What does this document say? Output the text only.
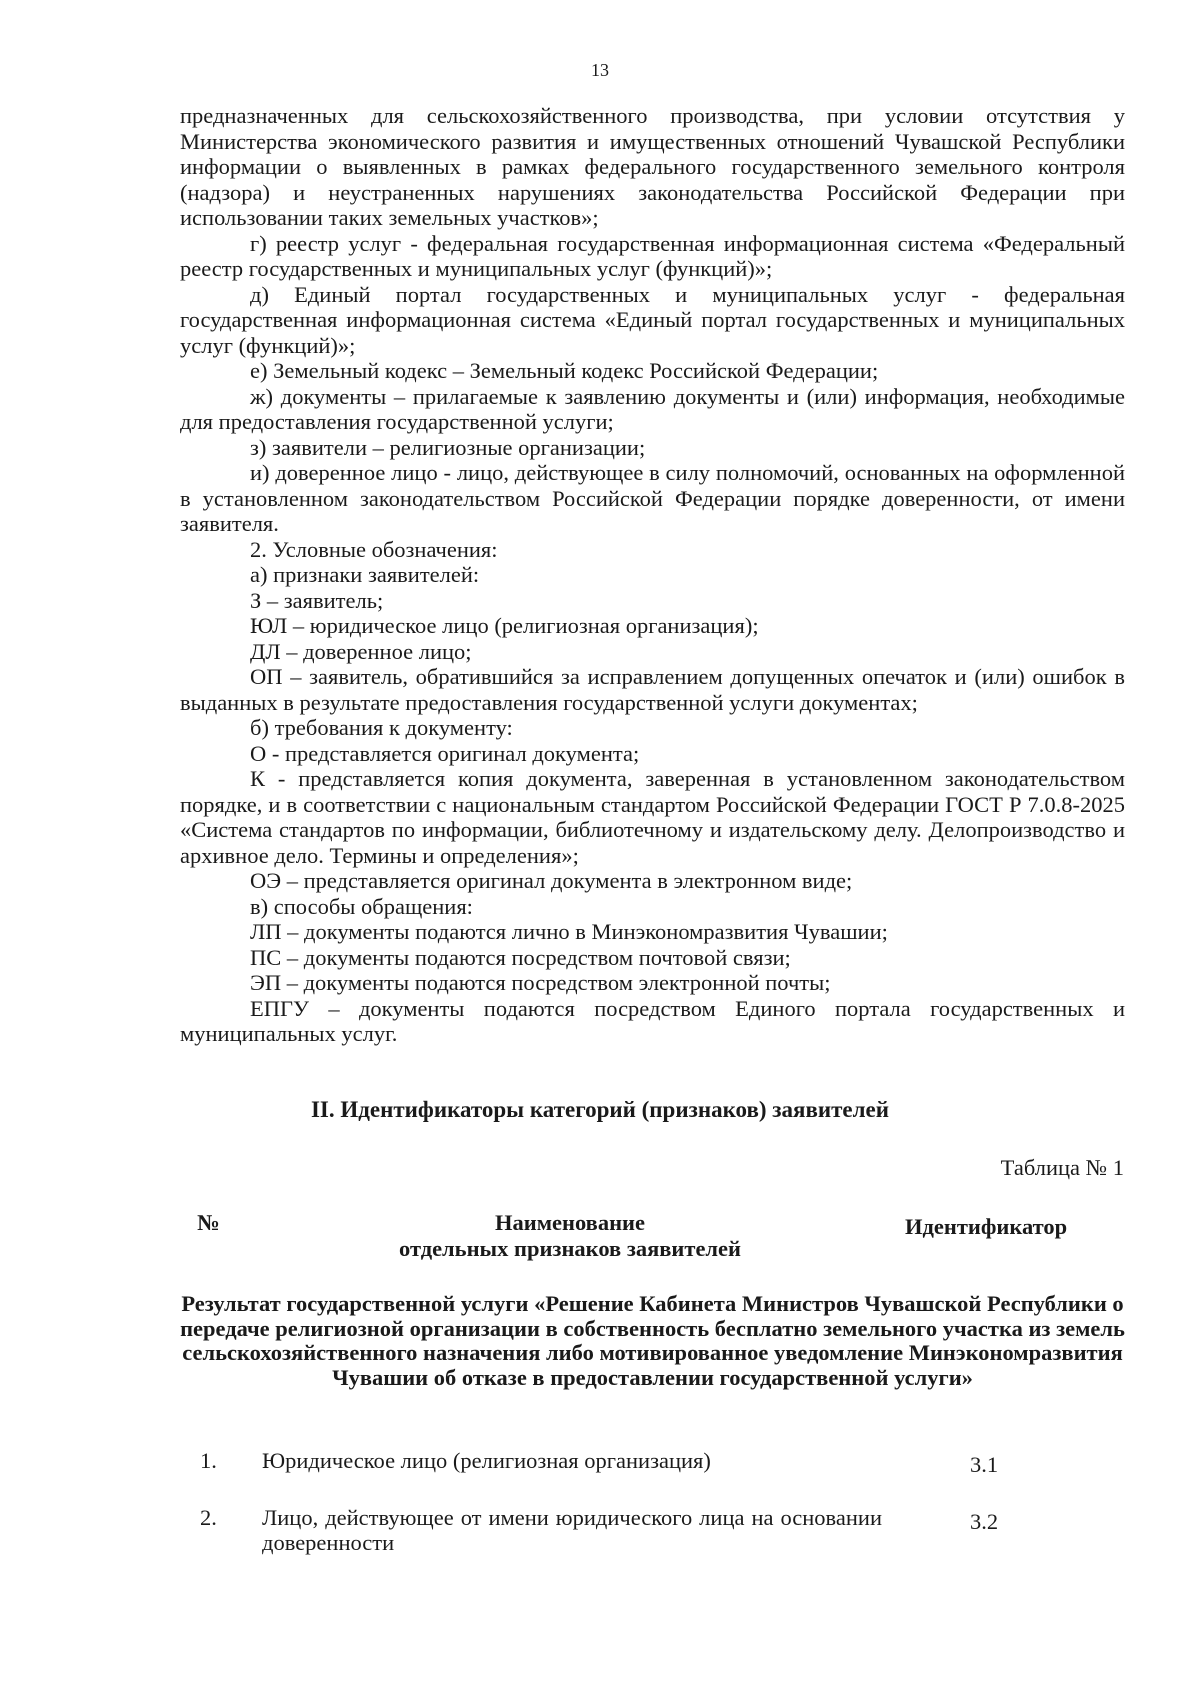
13

предназначенных для сельскохозяйственного производства, при условии отсутствия у Министерства экономического развития и имущественных отношений Чувашской Республики информации о выявленных в рамках федерального государственного земельного контроля (надзора) и неустраненных нарушениях законодательства Российской Федерации при использовании таких земельных участков»;

г) реестр услуг - федеральная государственная информационная система «Федеральный реестр государственных и муниципальных услуг (функций)»;

д) Единый портал государственных и муниципальных услуг - федеральная государственная информационная система «Единый портал государственных и муниципальных услуг (функций)»;

е) Земельный кодекс – Земельный кодекс Российской Федерации;

ж) документы – прилагаемые к заявлению документы и (или) информация, необходимые для предоставления государственной услуги;

з) заявители – религиозные организации;

и) доверенное лицо - лицо, действующее в силу полномочий, основанных на оформленной в установленном законодательством Российской Федерации порядке доверенности, от имени заявителя.

2. Условные обозначения:

а) признаки заявителей:

З – заявитель;

ЮЛ – юридическое лицо (религиозная организация);

ДЛ – доверенное лицо;

ОП – заявитель, обратившийся за исправлением допущенных опечаток и (или) ошибок в выданных в результате предоставления государственной услуги документах;

б) требования к документу:

О - представляется оригинал документа;

К - представляется копия документа, заверенная в установленном законодательством порядке, и в соответствии с национальным стандартом Российской Федерации ГОСТ Р 7.0.8-2025 «Система стандартов по информации, библиотечному и издательскому делу. Делопроизводство и архивное дело. Термины и определения»;

ОЭ – представляется оригинал документа в электронном виде;

в) способы обращения:

ЛП – документы подаются лично в Минэкономразвития Чувашии;

ПС – документы подаются посредством почтовой связи;

ЭП – документы подаются посредством электронной почты;

ЕПГУ – документы подаются посредством Единого портала государственных и муниципальных услуг.

II. Идентификаторы категорий (признаков) заявителей
Таблица № 1
№	Наименование
отдельных признаков заявителей
Идентификатор
Результат государственной услуги «Решение Кабинета Министров Чувашской Республики о передаче религиозной организации в собственность бесплатно земельного участка из земель сельскохозяйственного назначения либо мотивированное уведомление Минэкономразвития Чувашии об отказе в предоставлении государственной услуги»
1. Юридическое лицо (религиозная организация)	3.1
2. Лицо, действующее от имени юридического лица на основании доверенности
3.2
